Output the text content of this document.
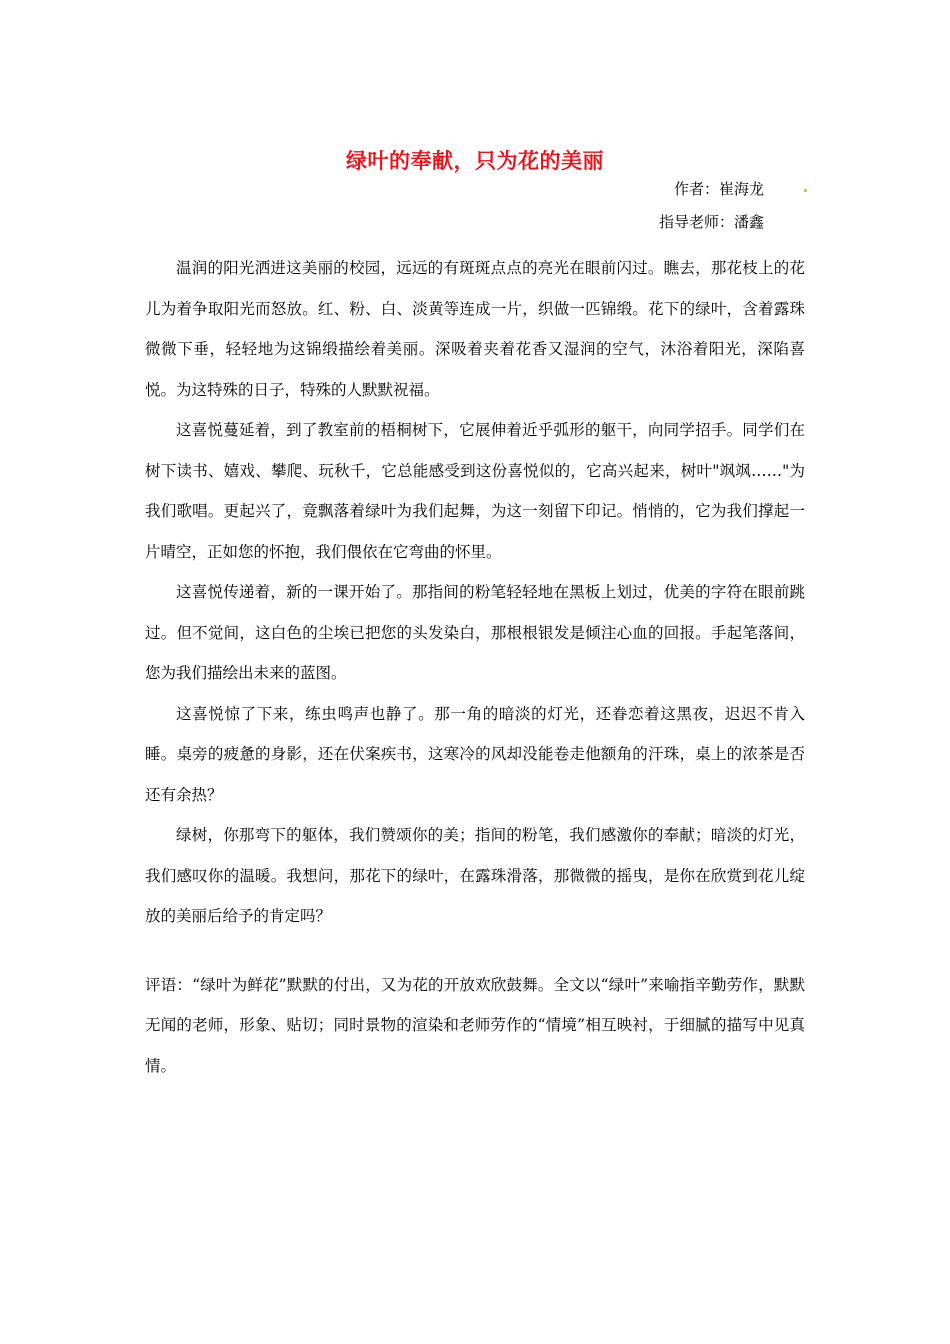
绿叶的奉献，只为花的美丽
作者：崔海龙
指导老师：潘鑫

温润的阳光洒进这美丽的校园，远远的有斑斑点点的亮光在眼前闪过。瞧去，那花枝上的花儿为着争取阳光而怒放。红、粉、白、淡黄等连成一片，织做一匹锦缎。花下的绿叶，含着露珠微微下垂，轻轻地为这锦缎描绘着美丽。深吸着夹着花香又湿润的空气，沐浴着阳光，深陷喜悦。为这特殊的日子，特殊的人默默祝福。

这喜悦蔓延着，到了教室前的梧桐树下，它展伸着近乎弧形的躯干，向同学招手。同学们在树下读书、嬉戏、攀爬、玩秋千，它总能感受到这份喜悦似的，它高兴起来，树叶"飒飒……"为我们歌唱。更起兴了，竟飘落着绿叶为我们起舞，为这一刻留下印记。悄悄的，它为我们撑起一片晴空，正如您的怀抱，我们偎依在它弯曲的怀里。

这喜悦传递着，新的一课开始了。那指间的粉笔轻轻地在黑板上划过，优美的字符在眼前跳过。但不觉间，这白色的尘埃已把您的头发染白，那根根银发是倾注心血的回报。手起笔落间，您为我们描绘出未来的蓝图。

这喜悦惊了下来，练虫鸣声也静了。那一角的暗淡的灯光，还眷恋着这黑夜，迟迟不肯入睡。桌旁的疲惫的身影，还在伏案疾书，这寒冷的风却没能卷走他额角的汗珠，桌上的浓茶是否还有余热？

绿树，你那弯下的躯体，我们赞颂你的美；指间的粉笔，我们感激你的奉献；暗淡的灯光，我们感叹你的温暖。我想问，那花下的绿叶，在露珠滑落，那微微的摇曳，是你在欣赏到花儿绽放的美丽后给予的肯定吗？

评语：“绿叶为鲜花”默默的付出，又为花的开放欢欣鼓舞。全文以“绿叶”来喻指辛勤劳作，默默无闻的老师，形象、贴切；同时景物的渲染和老师劳作的“情境”相互映衬，于细腻的描写中见真情。
